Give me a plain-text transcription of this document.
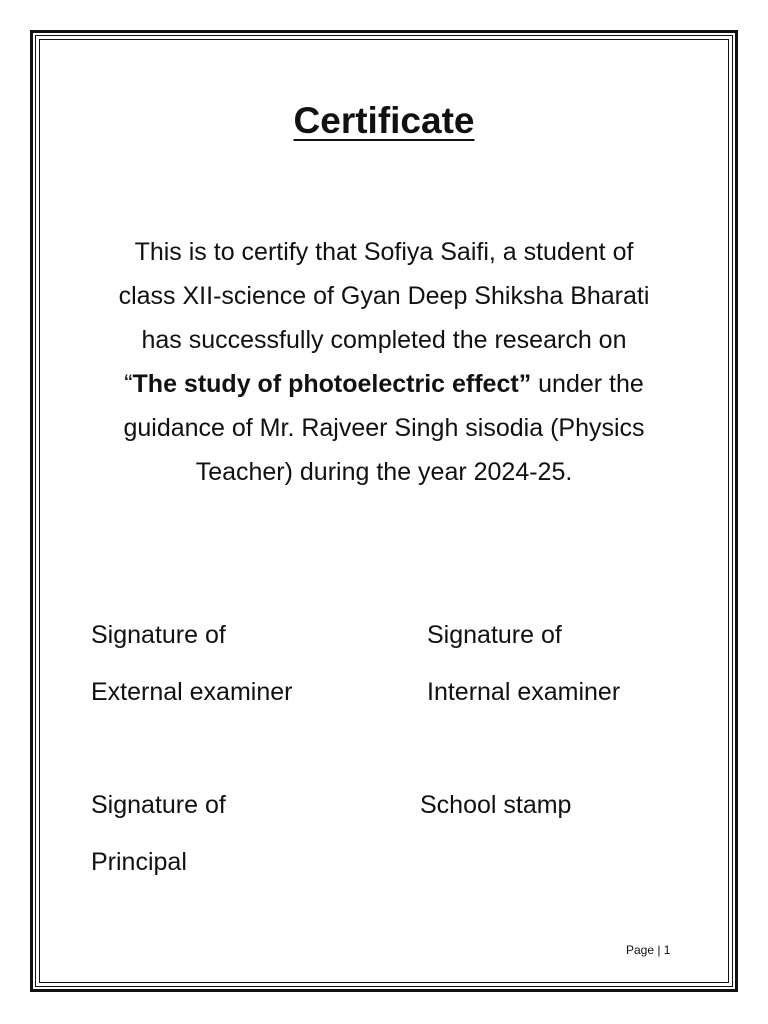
Certificate
This is to certify that Sofiya Saifi, a student of
class XII-science of Gyan Deep Shiksha Bharati
has successfully completed the research on
“The study of photoelectric effect” under the
guidance of Mr. Rajveer Singh sisodia (Physics
Teacher) during the year 2024-25.
Signature of
External examiner
Signature of
Internal examiner
Signature of
Principal
School stamp
Page | 1
